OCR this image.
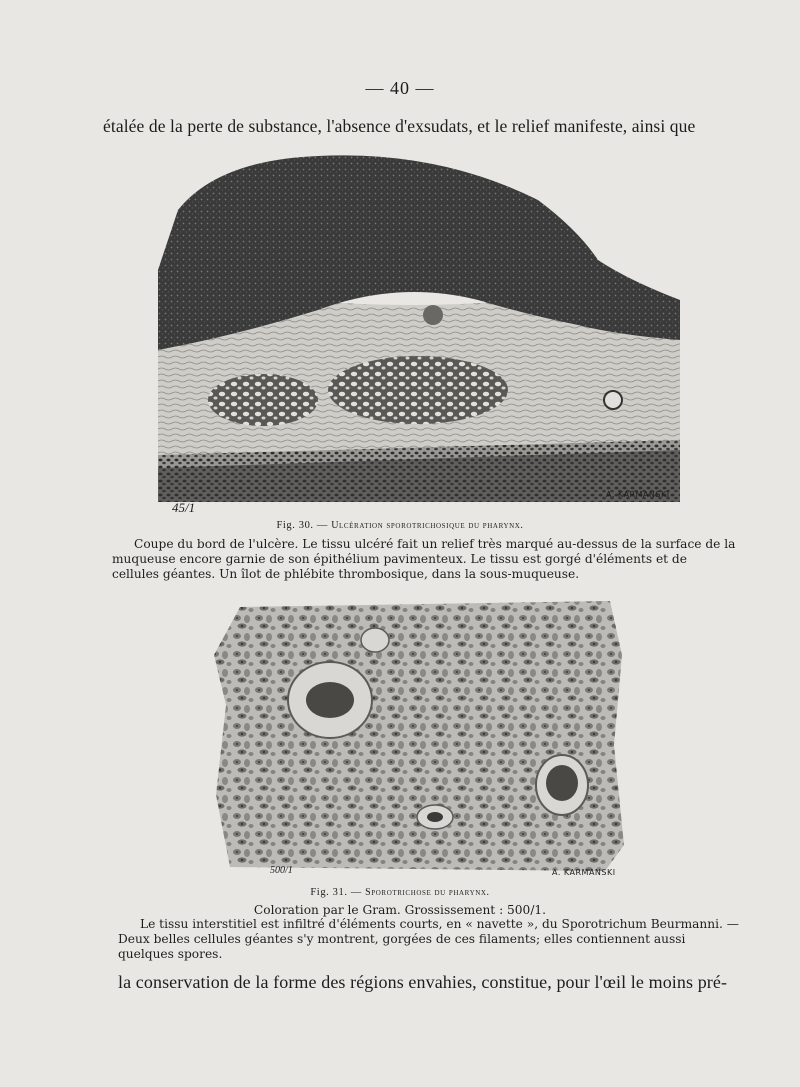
— 40 —
étalée de la perte de substance, l'absence d'exsudats, et le relief manifeste, ainsi que
45/1
A. KARMANSKI
Fig. 30. — Ulcération sporotrichosique du pharynx.
Coupe du bord de l'ulcère. Le tissu ulcéré fait un relief très marqué au-dessus de la surface de la muqueuse encore garnie de son épithélium pavimenteux. Le tissu est gorgé d'éléments et de cellules géantes. Un îlot de phlébite thrombosique, dans la sous-muqueuse.
500/1	A. KARMANSKI
Fig. 31. — Sporotrichose du pharynx.
Coloration par le Gram. Grossissement : 500/1.
Le tissu interstitiel est infiltré d'éléments courts, en « navette », du Sporotrichum Beurmanni. — Deux belles cellules géantes s'y montrent, gorgées de ces filaments; elles contiennent aussi quelques spores.
la conservation de la forme des régions envahies, constitue, pour l'œil le moins pré-
